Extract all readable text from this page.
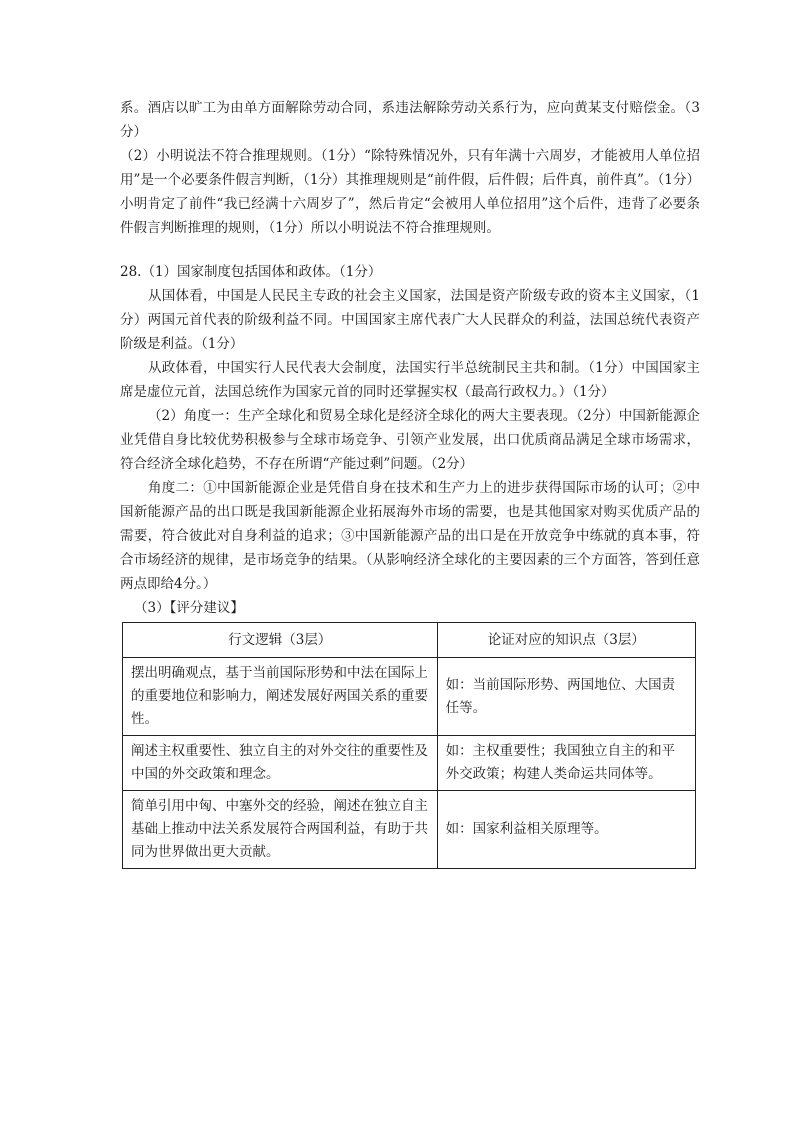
系。酒店以旷工为由单方面解除劳动合同，系违法解除劳动关系行为，应向黄某支付赔偿金。（3分）

（2）小明说法不符合推理规则。（1分）“除特殊情况外，只有年满十六周岁，才能被用人单位招用”是一个必要条件假言判断，（1分）其推理规则是“前件假，后件假；后件真，前件真”。（1分）小明肯定了前件“我已经满十六周岁了”，然后肯定“会被用人单位招用”这个后件，违背了必要条件假言判断推理的规则，（1分）所以小明说法不符合推理规则。

28.（1）国家制度包括国体和政体。（1分）

从国体看，中国是人民民主专政的社会主义国家，法国是资产阶级专政的资本主义国家，（1分）两国元首代表的阶级利益不同。中国国家主席代表广大人民群众的利益，法国总统代表资产阶级是利益。（1分）

从政体看，中国实行人民代表大会制度，法国实行半总统制民主共和制。（1分）中国国家主席是虚位元首，法国总统作为国家元首的同时还掌握实权（最高行政权力。）（1分）

（2）角度一：生产全球化和贸易全球化是经济全球化的两大主要表现。（2分）中国新能源企业凭借自身比较优势积极参与全球市场竞争、引领产业发展，出口优质商品满足全球市场需求，符合经济全球化趋势，不存在所谓“产能过剩”问题。（2分）

角度二：①中国新能源企业是凭借自身在技术和生产力上的进步获得国际市场的认可；②中国新能源产品的出口既是我国新能源企业拓展海外市场的需要，也是其他国家对购买优质产品的需要，符合彼此对自身利益的追求；③中国新能源产品的出口是在开放竞争中练就的真本事，符合市场经济的规律，是市场竞争的结果。（从影响经济全球化的主要因素的三个方面答，答到任意两点即给4分。）

（3）【评分建议】

行文逻辑（3层）	论证对应的知识点（3层）
摆出明确观点，基于当前国际形势和中法在国际上的重要地位和影响力，阐述发展好两国关系的重要性。	如：当前国际形势、两国地位、大国责任等。
阐述主权重要性、独立自主的对外交往的重要性及中国的外交政策和理念。	如：主权重要性；我国独立自主的和平外交政策；构建人类命运共同体等。
简单引用中匈、中塞外交的经验，阐述在独立自主基础上推动中法关系发展符合两国利益，有助于共同为世界做出更大贡献。	如：国家利益相关原理等。
